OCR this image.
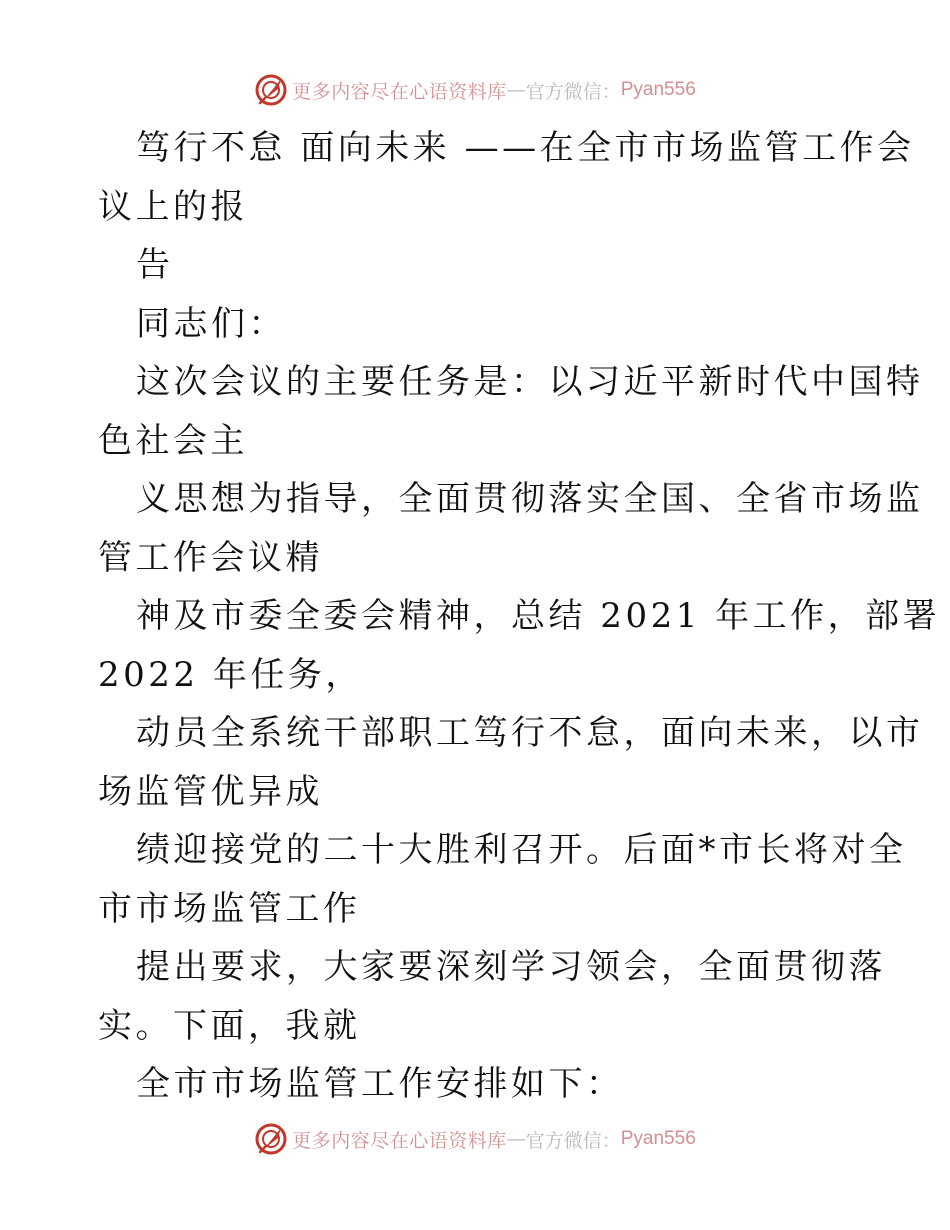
更多内容尽在心语资料库 — 官方微信： Pyan556
笃行不怠 面向未来 ——在全市市场监管工作会
议上的报
告
同志们：
这次会议的主要任务是：以习近平新时代中国特
色社会主
义思想为指导，全面贯彻落实全国、全省市场监
管工作会议精
神及市委全委会精神，总结 2021 年工作，部署
2022 年任务，
动员全系统干部职工笃行不怠，面向未来，以市
场监管优异成
绩迎接党的二十大胜利召开。后面*市长将对全
市市场监管工作
提出要求，大家要深刻学习领会，全面贯彻落
实。下面，我就
全市市场监管工作安排如下：
更多内容尽在心语资料库 — 官方微信： Pyan556
